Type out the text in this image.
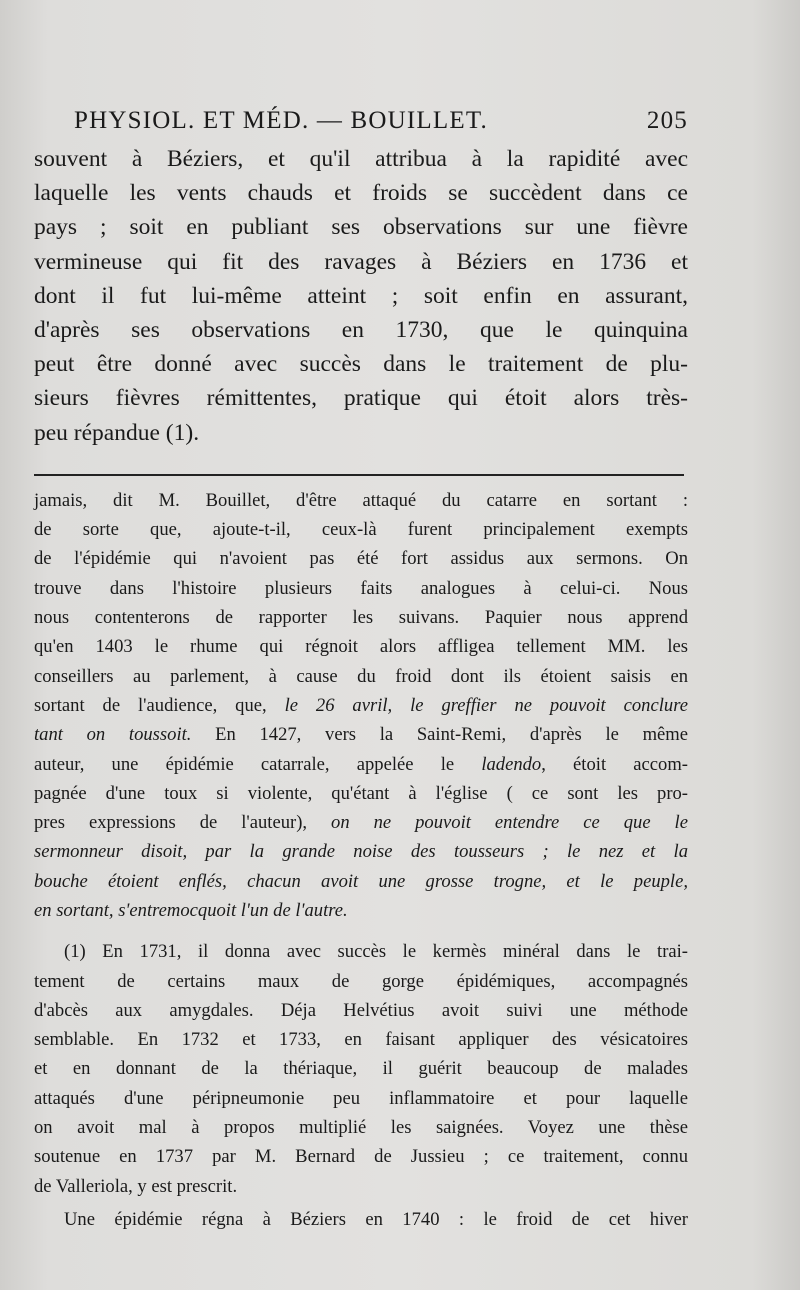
PHYSIOL. ET MÉD. — BOUILLET.	205
souvent à Béziers, et qu'il attribua à la rapidité avec
laquelle les vents chauds et froids se succèdent dans ce
pays ; soit en publiant ses observations sur une fièvre
vermineuse qui fit des ravages à Béziers en 1736 et
dont il fut lui-même atteint ; soit enfin en assurant,
d'après ses observations en 1730, que le quinquina
peut être donné avec succès dans le traitement de plu-
sieurs fièvres rémittentes, pratique qui étoit alors très-
peu répandue (1).
jamais, dit M. Bouillet, d'être attaqué du catarre en sortant :
de sorte que, ajoute-t-il, ceux-là furent principalement exempts
de l'épidémie qui n'avoient pas été fort assidus aux sermons. On
trouve dans l'histoire plusieurs faits analogues à celui-ci. Nous
nous contenterons de rapporter les suivans. Paquier nous apprend
qu'en 1403 le rhume qui régnoit alors affligea tellement MM. les
conseillers au parlement, à cause du froid dont ils étoient saisis en
sortant de l'audience, que, le 26 avril, le greffier ne pouvoit conclure
tant on toussoit. En 1427, vers la Saint-Remi, d'après le même
auteur, une épidémie catarrale, appelée le ladendo, étoit accom-
pagnée d'une toux si violente, qu'étant à l'église ( ce sont les pro-
pres expressions de l'auteur), on ne pouvoit entendre ce que le
sermonneur disoit, par la grande noise des tousseurs ; le nez et la
bouche étoient enflés, chacun avoit une grosse trogne, et le peuple,
en sortant, s'entremocquoit l'un de l'autre.
(1) En 1731, il donna avec succès le kermès minéral dans le trai-
tement de certains maux de gorge épidémiques, accompagnés
d'abcès aux amygdales. Déja Helvétius avoit suivi une méthode
semblable. En 1732 et 1733, en faisant appliquer des vésicatoires
et en donnant de la thériaque, il guérit beaucoup de malades
attaqués d'une péripneumonie peu inflammatoire et pour laquelle
on avoit mal à propos multiplié les saignées. Voyez une thèse
soutenue en 1737 par M. Bernard de Jussieu ; ce traitement, connu
de Valleriola, y est prescrit.
Une épidémie régna à Béziers en 1740 : le froid de cet hiver
